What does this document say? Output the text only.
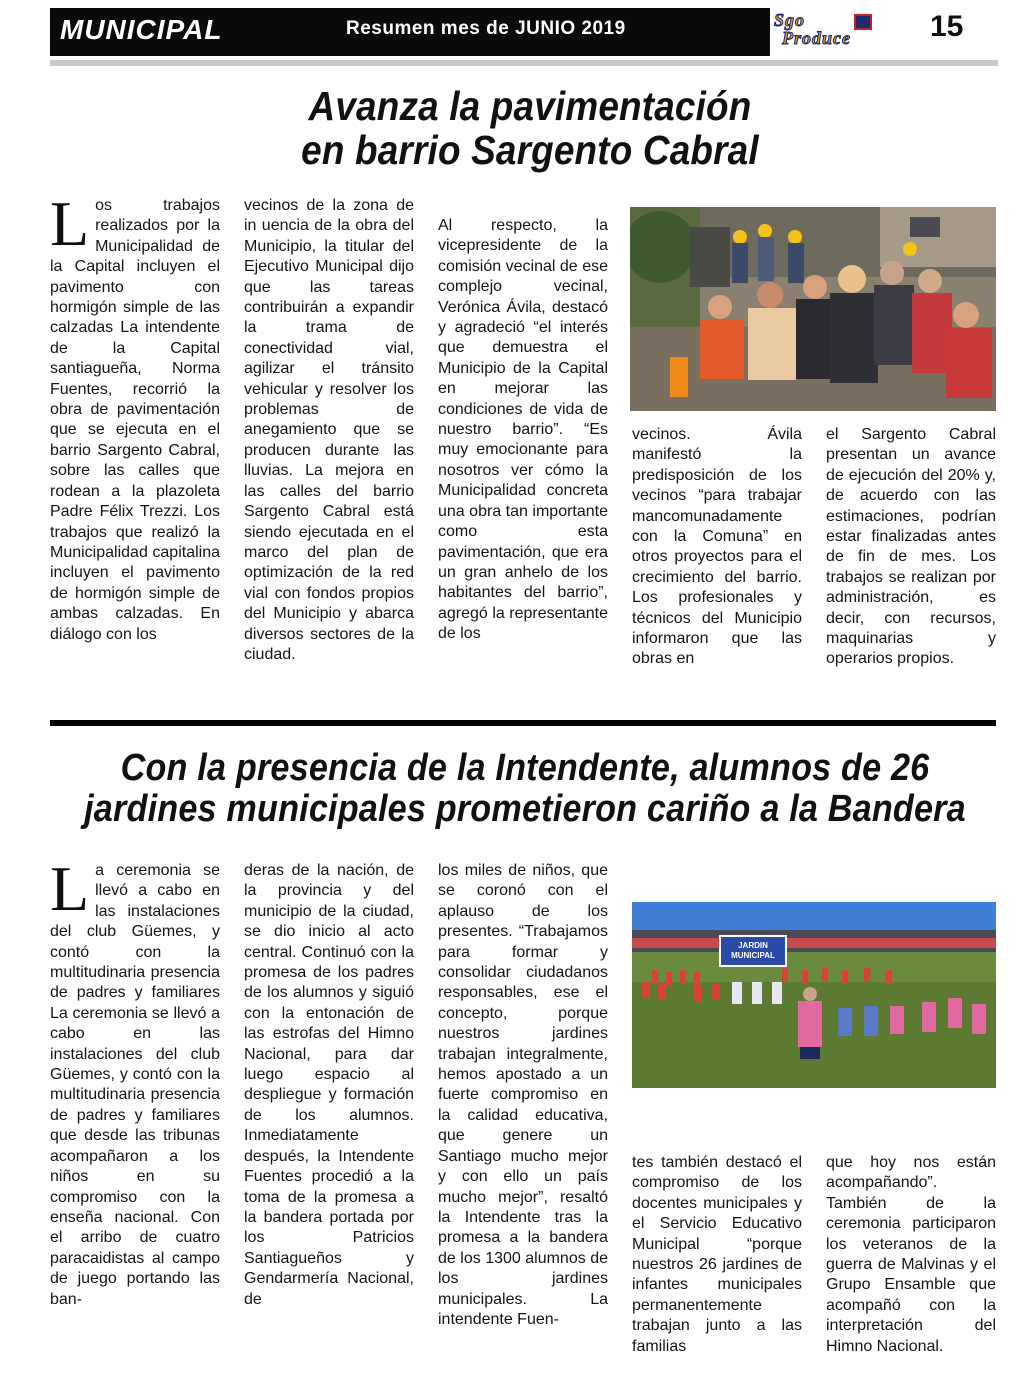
MUNICIPAL	Resumen mes de JUNIO 2019	Sgo
Produce	15
Avanza la pavimentación
en barrio Sargento Cabral
L os trabajos realizados por la Municipalidad de la Capital incluyen el pavimento con hormigón simple de las calzadas La intendente de la Capital santiagueña, Norma Fuentes, recorrió la obra de pavimentación que se ejecuta en el barrio Sargento Cabral, sobre las calles que rodean a la plazoleta Padre Félix Trezzi. Los trabajos que realizó la Municipalidad capitalina incluyen el pavimento de hormigón simple de ambas calzadas. En diálogo con los

vecinos de la zona de in uencia de la obra del Municipio, la titular del Ejecutivo Municipal dijo que las tareas contribuirán a expandir la trama de conectividad vial, agilizar el tránsito vehicular y resolver los problemas de anegamiento que se producen durante las lluvias. La mejora en las calles del barrio Sargento Cabral está siendo ejecutada en el marco del plan de optimización de la red vial con fondos propios del Municipio y abarca diversos sectores de la ciudad.

Al respecto, la vicepresidente de la comisión vecinal de ese complejo vecinal, Verónica Ávila, destacó y agradeció “el interés que demuestra el Municipio de la Capital en mejorar las condiciones de vida de nuestro barrio”. “Es muy emocionante para nosotros ver cómo la Municipalidad concreta una obra tan importante como esta pavimentación, que era un gran anhelo de los habitantes del barrio”, agregó la representante de los

vecinos. Ávila manifestó la predisposición de los vecinos “para trabajar mancomunadamente con la Comuna” en otros proyectos para el crecimiento del barrio. Los profesionales y técnicos del Municipio informaron que las obras en

el Sargento Cabral presentan un avance de ejecución del 20% y, de acuerdo con las estimaciones, podrían estar finalizadas antes de fin de mes. Los trabajos se realizan por administración, es decir, con recursos, maquinarias y operarios propios.

Con la presencia de la Intendente, alumnos de 26
jardines municipales prometieron cariño a la Bandera
L a ceremonia se llevó a cabo en las instalaciones del club Güemes, y contó con la multitudinaria presencia de padres y familiares La ceremonia se llevó a cabo en las instalaciones del club Güemes, y contó con la multitudinaria presencia de padres y familiares que desde las tribunas acompañaron a los niños en su compromiso con la enseña nacional. Con el arribo de cuatro paracaidistas al campo de juego portando las ban-

deras de la nación, de la provincia y del municipio de la ciudad, se dio inicio al acto central. Continuó con la promesa de los padres de los alumnos y siguió con la entonación de las estrofas del Himno Nacional, para dar luego espacio al despliegue y formación de los alumnos. Inmediatamente después, la Intendente Fuentes procedió a la toma de la promesa a la bandera portada por los Patricios Santiagueños y Gendarmería Nacional, de

los miles de niños, que se coronó con el aplauso de los presentes. “Trabajamos para formar y consolidar ciudadanos responsables, ese el concepto, porque nuestros jardines trabajan integralmente, hemos apostado a un fuerte compromiso en la calidad educativa, que genere un Santiago mucho mejor y con ello un país mucho mejor”, resaltó la Intendente tras la promesa a la bandera de los 1300 alumnos de los jardines municipales. La intendente Fuen-

tes también destacó el compromiso de los docentes municipales y el Servicio Educativo Municipal “porque nuestros 26 jardines de infantes municipales permanentemente trabajan junto a las familias

que hoy nos están acompañando”. También de la ceremonia participaron los veteranos de la guerra de Malvinas y el Grupo Ensamble que acompañó con la interpretación del Himno Nacional.

JARDIN
MUNICIPAL
